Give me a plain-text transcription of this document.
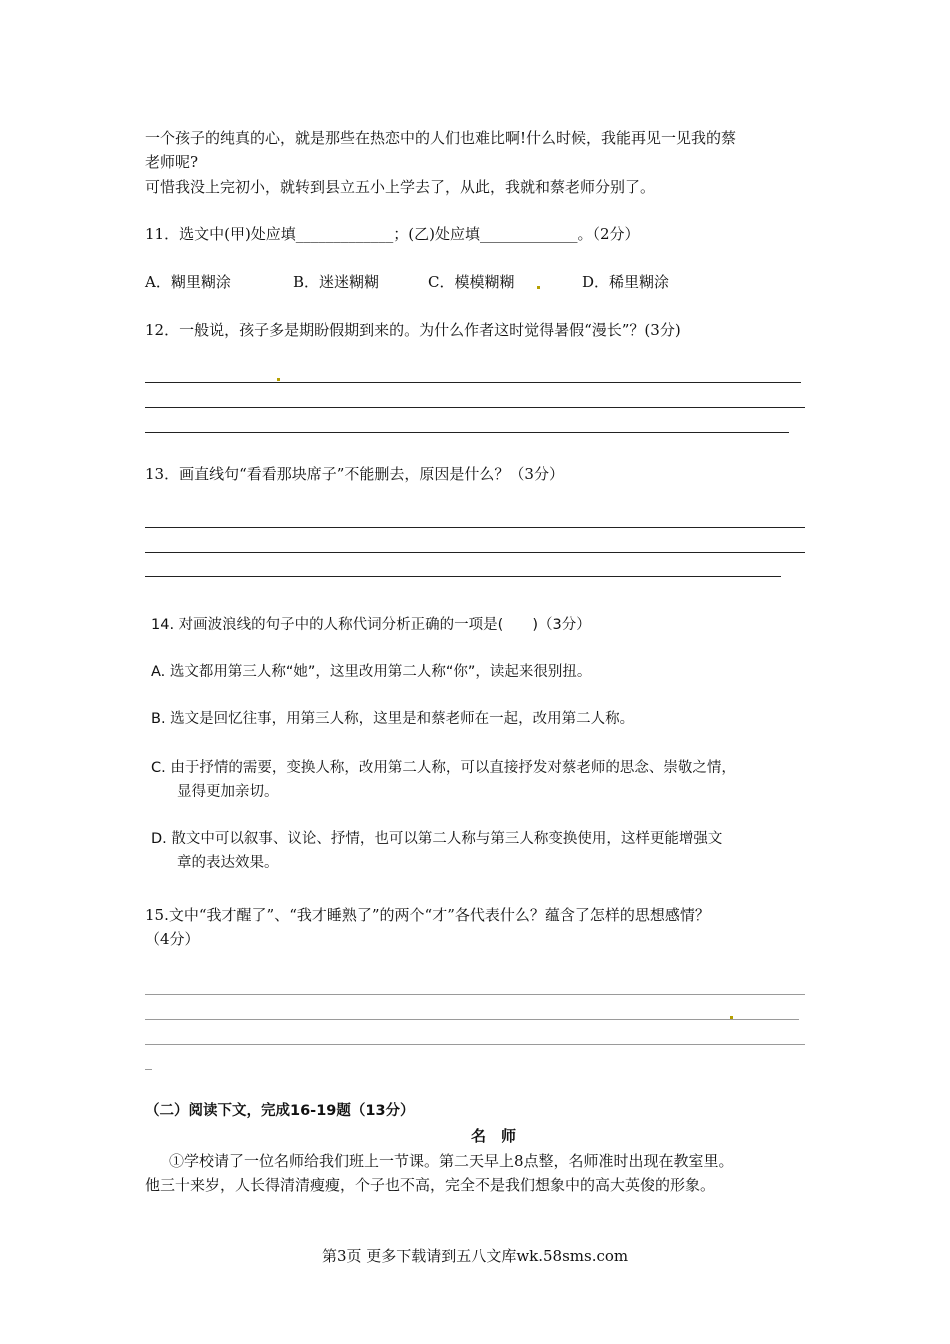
一个孩子的纯真的心，就是那些在热恋中的人们也难比啊!什么时候，我能再见一见我的蔡
老师呢?
可惜我没上完初小，就转到县立五小上学去了，从此，我就和蔡老师分别了。
11．选文中(甲)处应填_____________；(乙)处应填_____________。（2分）
A．糊里糊涂	B．迷迷糊糊	C．模模糊糊	D．稀里糊涂
12．一般说，孩子多是期盼假期到来的。为什么作者这时觉得暑假“漫长”？(3分)
13．画直线句“看看那块席子”不能删去，原因是什么？（3分）
14. 对画波浪线的句子中的人称代词分析正确的一项是(　　)（3分）
A. 选文都用第三人称“她”，这里改用第二人称“你”，读起来很别扭。
B. 选文是回忆往事，用第三人称，这里是和蔡老师在一起，改用第二人称。
C. 由于抒情的需要，变换人称，改用第二人称，可以直接抒发对蔡老师的思念、崇敬之情，
显得更加亲切。
D. 散文中可以叙事、议论、抒情，也可以第二人称与第三人称变换使用，这样更能增强文
章的表达效果。
15.文中“我才醒了”、“我才睡熟了”的两个“才”各代表什么？蕴含了怎样的思想感情？
（4分）
（二）阅读下文，完成16-19题（13分）
名　师
①学校请了一位名师给我们班上一节课。第二天早上8点整，名师准时出现在教室里。
他三十来岁，人长得清清瘦瘦，个子也不高，完全不是我们想象中的高大英俊的形象。
第3页 更多下载请到五八文库wk.58sms.com
